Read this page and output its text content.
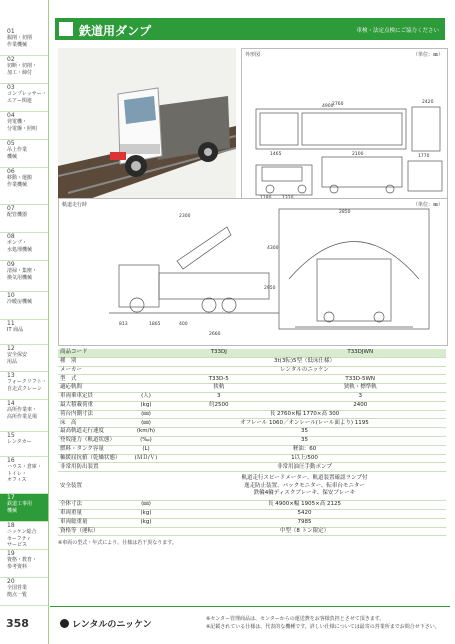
01
掘削・切削
作業機械
02
切断・切削・
加工・締付
03
コンプレッサー・
エアー関連
04
発電機・
分電盤・照明
05
吊上作業
機械
06
移動・運搬
作業機械
07
配管機器
08
ポンプ・
水処理機械
09
清掃・集塵・
換気用機械
10
冷暖房機械
11
IT 商品
12
安全保安
用品
13
フォークリフト・
自走式クレーン
14
高所作業車・
高所作業足場
15
レンタカー
16
ハウス・倉庫・
トイレ・
オフィス
17
鉄道工事用
機械
18
ニッケン総合
セーフティ
サービス
19
資格・教育・
参考資料
20
全国営業
拠点一覧
358
鉄道用ダンプ	車検・法定点検にご協力ください
外形図	（単位：㎜）
2760
1465	2100
4900
2420
1770
軌道走行時	（単位：㎜）
2300
2850
1865	400
2660
2950
4300
813
商品コード		T33DJ	T33DJWN
種　別		3t(3転)5型（低床仕様）	
メーカー		レンタルのニッケン	
型　式		T33D-5	T33D-5WN
適応軌間		狭軌	狭軌・標準軌
車両乗車定員	(人)	3	3
最大積載荷重	(kg)	約2500	2400
荷台内側寸法	(㎜)	長 2760×幅 1770×高 300	
床　高	(㎜)	オフレール 1060／オンレール(レール面より) 1195	
最高軌道走行速度	(km/h)	35	
登坂能力（軌道状態）	(‰)	35	
燃料・タンク容量	(L)	軽油：60	
軸緩屈抗値（乾燥状態）	(ＭＤ/Ｖ)	1以上/500	
非常用防出装置		非常用油圧手動ポンプ	
安全装置		軌道走行スピードメーター、軌道装置確認ランプ付
逸走防止装置、バックモニター、転車台モニター
鉄輪4輪ディスクブレーキ、保安ブレーキ	

全体寸法	(㎜)	長 4900×幅 1905×高 2125	
車両重量	(kg)	5420	
車両総重量	(kg)	7985	
資格等（運転）		中型（8 トン限定）	
※車両の型式・年式により、仕様は若干異なります。
レンタルのニッケン
※センター管理商品は、センターからの運送費をお客様負担とさせて頂きます。
※記載されている仕様は、代表的な機種です。詳しい仕様については最寄の営業所までお問合せ下さい。
